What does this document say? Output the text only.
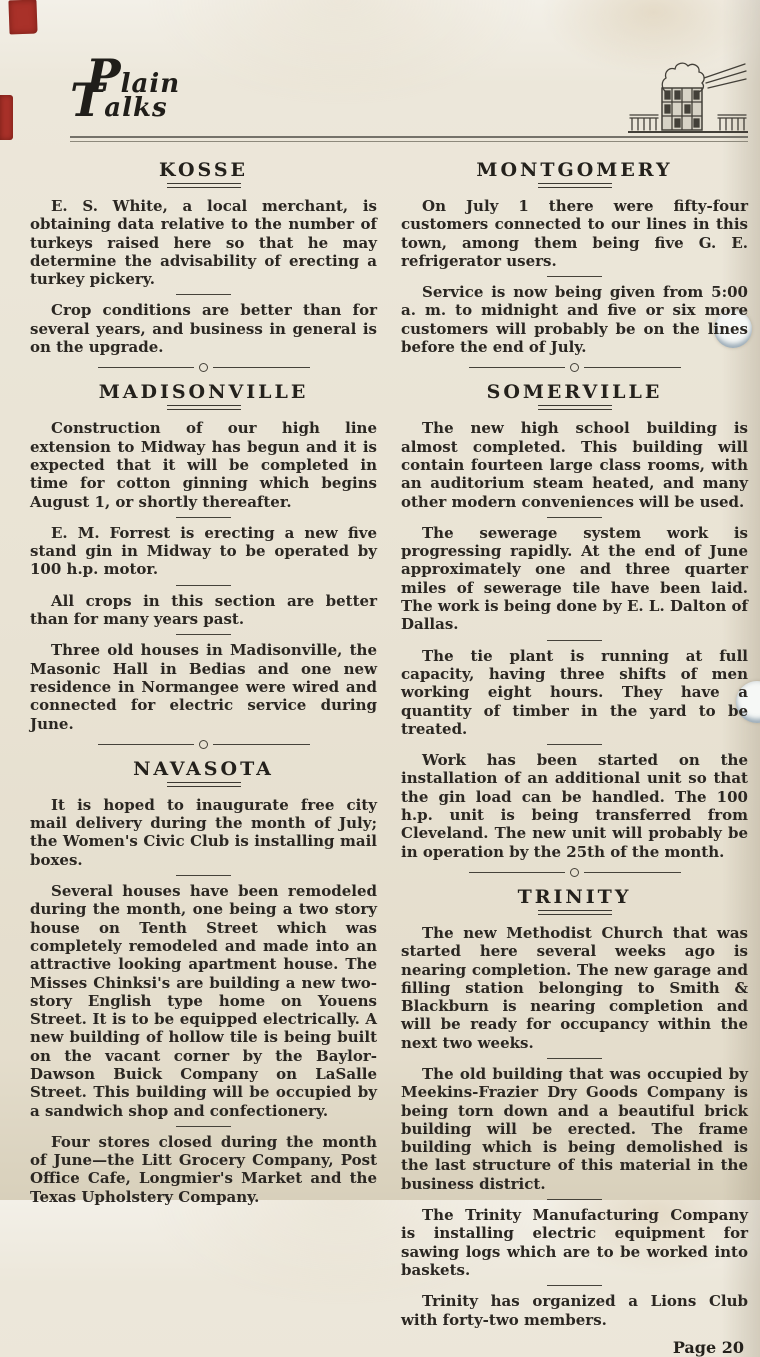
Plain
Talks
KOSSE

E. S. White, a local merchant, is obtaining data relative to the number of turkeys raised here so that he may determine the advisability of erecting a turkey pickery.

Crop conditions are better than for several years, and business in general is on the upgrade.

MADISONVILLE

Construction of our high line extension to Midway has begun and it is expected that it will be completed in time for cotton ginning which begins August 1, or shortly thereafter.

E. M. Forrest is erecting a new five stand gin in Midway to be operated by 100 h.p. motor.

All crops in this section are better than for many years past.

Three old houses in Madisonville, the Masonic Hall in Bedias and one new residence in Normangee were wired and connected for electric service during June.

NAVASOTA

It is hoped to inaugurate free city mail delivery during the month of July; the Women's Civic Club is installing mail boxes.

Several houses have been remodeled during the month, one being a two story house on Tenth Street which was completely remodeled and made into an attractive looking apartment house. The Misses Chinksi's are building a new two-story English type home on Youens Street. It is to be equipped electrically. A new building of hollow tile is being built on the vacant corner by the Baylor-Dawson Buick Company on LaSalle Street. This building will be occupied by a sandwich shop and confectionery.

Four stores closed during the month of June—the Litt Grocery Company, Post Office Cafe, Longmier's Market and the Texas Upholstery Company.

MONTGOMERY

On July 1 there were fifty-four customers connected to our lines in this town, among them being five G. E. refrigerator users.

Service is now being given from 5:00 a. m. to midnight and five or six more customers will probably be on the lines before the end of July.

SOMERVILLE

The new high school building is almost completed. This building will contain fourteen large class rooms, with an auditorium steam heated, and many other modern conveniences will be used.

The sewerage system work is progressing rapidly. At the end of June approximately one and three quarter miles of sewerage tile have been laid. The work is being done by E. L. Dalton of Dallas.

The tie plant is running at full capacity, having three shifts of men working eight hours. They have a quantity of timber in the yard to be treated.

Work has been started on the installation of an additional unit so that the gin load can be handled. The 100 h.p. unit is being transferred from Cleveland. The new unit will probably be in operation by the 25th of the month.

TRINITY

The new Methodist Church that was started here several weeks ago is nearing completion. The new garage and filling station belonging to Smith & Blackburn is nearing completion and will be ready for occupancy within the next two weeks.

The old building that was occupied by Meekins-Frazier Dry Goods Company is being torn down and a beautiful brick building will be erected. The frame building which is being demolished is the last structure of this material in the business district.

The Trinity Manufacturing Company is installing electric equipment for sawing logs which are to be worked into baskets.

Trinity has organized a Lions Club with forty-two members.

Page 20
